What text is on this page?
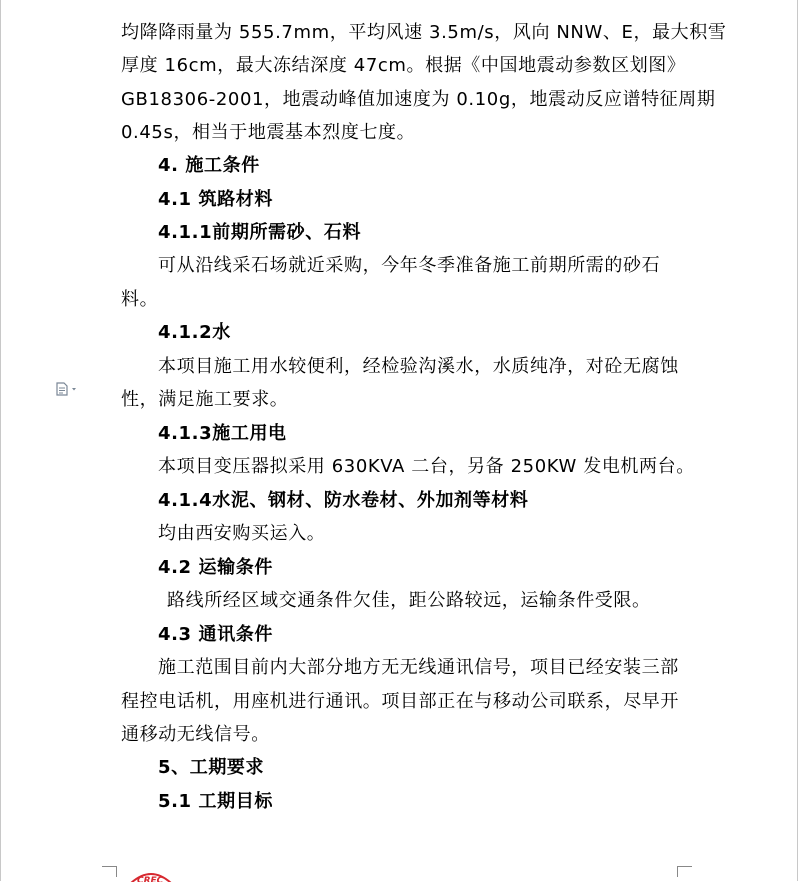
均降降雨量为 555.7mm，平均风速 3.5m/s，风向 NNW、E，最大积雪
厚度 16cm，最大冻结深度 47cm。根据《中国地震动参数区划图》
GB18306-2001，地震动峰值加速度为 0.10g，地震动反应谱特征周期
0.45s，相当于地震基本烈度七度。
4. 施工条件
4.1 筑路材料
4.1.1前期所需砂、石料
可从沿线采石场就近采购，今年冬季准备施工前期所需的砂石
料。
4.1.2水
本项目施工用水较便利，经检验沟溪水，水质纯净，对砼无腐蚀
性，满足施工要求。
4.1.3施工用电
本项目变压器拟采用 630KVA 二台，另备 250KW 发电机两台。
4.1.4水泥、钢材、防水卷材、外加剂等材料
均由西安购买运入。
4.2 运输条件
路线所经区域交通条件欠佳，距公路较远，运输条件受限。
4.3 通讯条件
施工范围目前内大部分地方无无线通讯信号，项目已经安装三部
程控电话机，用座机进行通讯。项目部正在与移动公司联系，尽早开
通移动无线信号。
5、工期要求
5.1 工期目标
CREC
